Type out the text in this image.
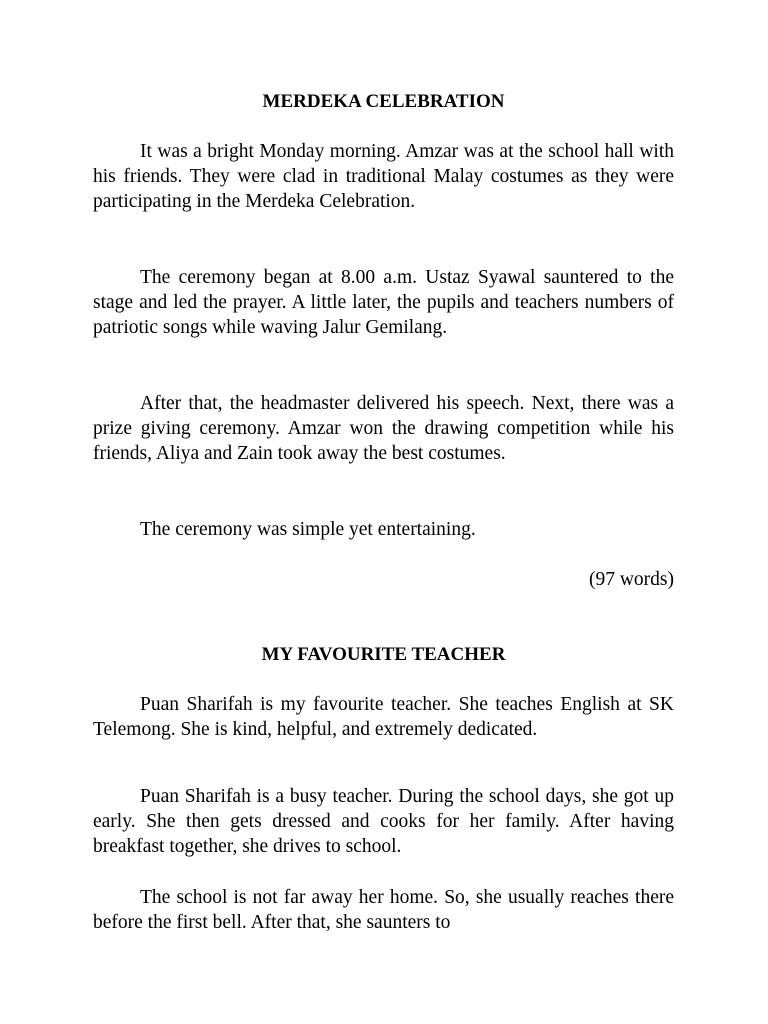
MERDEKA CELEBRATION

It was a bright Monday morning. Amzar was at the school hall with his friends. They were clad in traditional Malay costumes as they were participating in the Merdeka Celebration.

The ceremony began at 8.00 a.m. Ustaz Syawal sauntered to the stage and led the prayer. A little later, the pupils and teachers numbers of patriotic songs while waving Jalur Gemilang.

After that, the headmaster delivered his speech. Next, there was a prize giving ceremony. Amzar won the drawing competition while his friends, Aliya and Zain took away the best costumes.

The ceremony was simple yet entertaining.

(97 words)

MY FAVOURITE TEACHER

Puan Sharifah is my favourite teacher. She teaches English at SK Telemong. She is kind, helpful, and extremely dedicated.

Puan Sharifah is a busy teacher. During the school days, she got up early. She then gets dressed and cooks for her family. After having breakfast together, she drives to school.

The school is not far away her home. So, she usually reaches there before the first bell. After that, she saunters to
